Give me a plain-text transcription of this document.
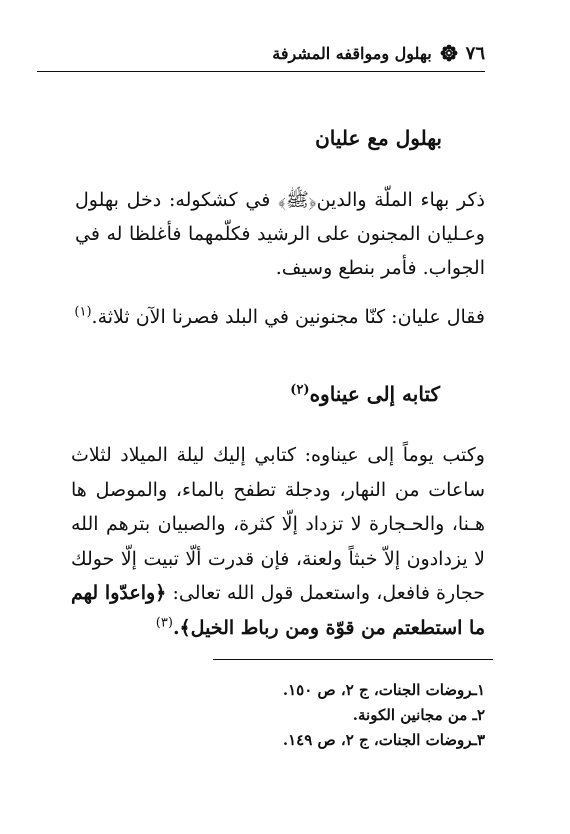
٧٦
بهلول ومواقفه المشرفة
بهلول مع عليان

ذكر بهاء الملّة والدين﴿ﷺ﴾ في كشكوله: دخل بهلول وعـليان المجنون على الرشيد فكلّمهما فأغلظا له في الجواب. فأمر بنطع وسيف.

فقال عليان: كنّا مجنونين في البلد فصرنا الآن ثلاثة.$^{(١)}$

كتابه إلى عيناوه$^{(٢)}$

وكتب يوماً إلى عيناوه: كتابي إليك ليلة الميلاد لثلاث ساعات من النهار، ودجلة تطفح بالماء، والموصل ها هـنا، والحـجارة لا تزداد إلّا كثرة، والصبيان بترهم الله لا يزدادون إلاّ خبثاً ولعنة، فإن قدرت ألّا تبيت إلّا حولك حجارة فافعل، واستعمل قول الله تعالى: ﴿واعدّوا لهم ما استطعتم من قوّة ومن رباط الخيل﴾.$^{(٣)}$

١ـروضات الجنات، ج ٢، ص ١٥٠.
٢ـ من مجانين الكونة.
٣ـروضات الجنات، ج ٢، ص ١٤٩.
